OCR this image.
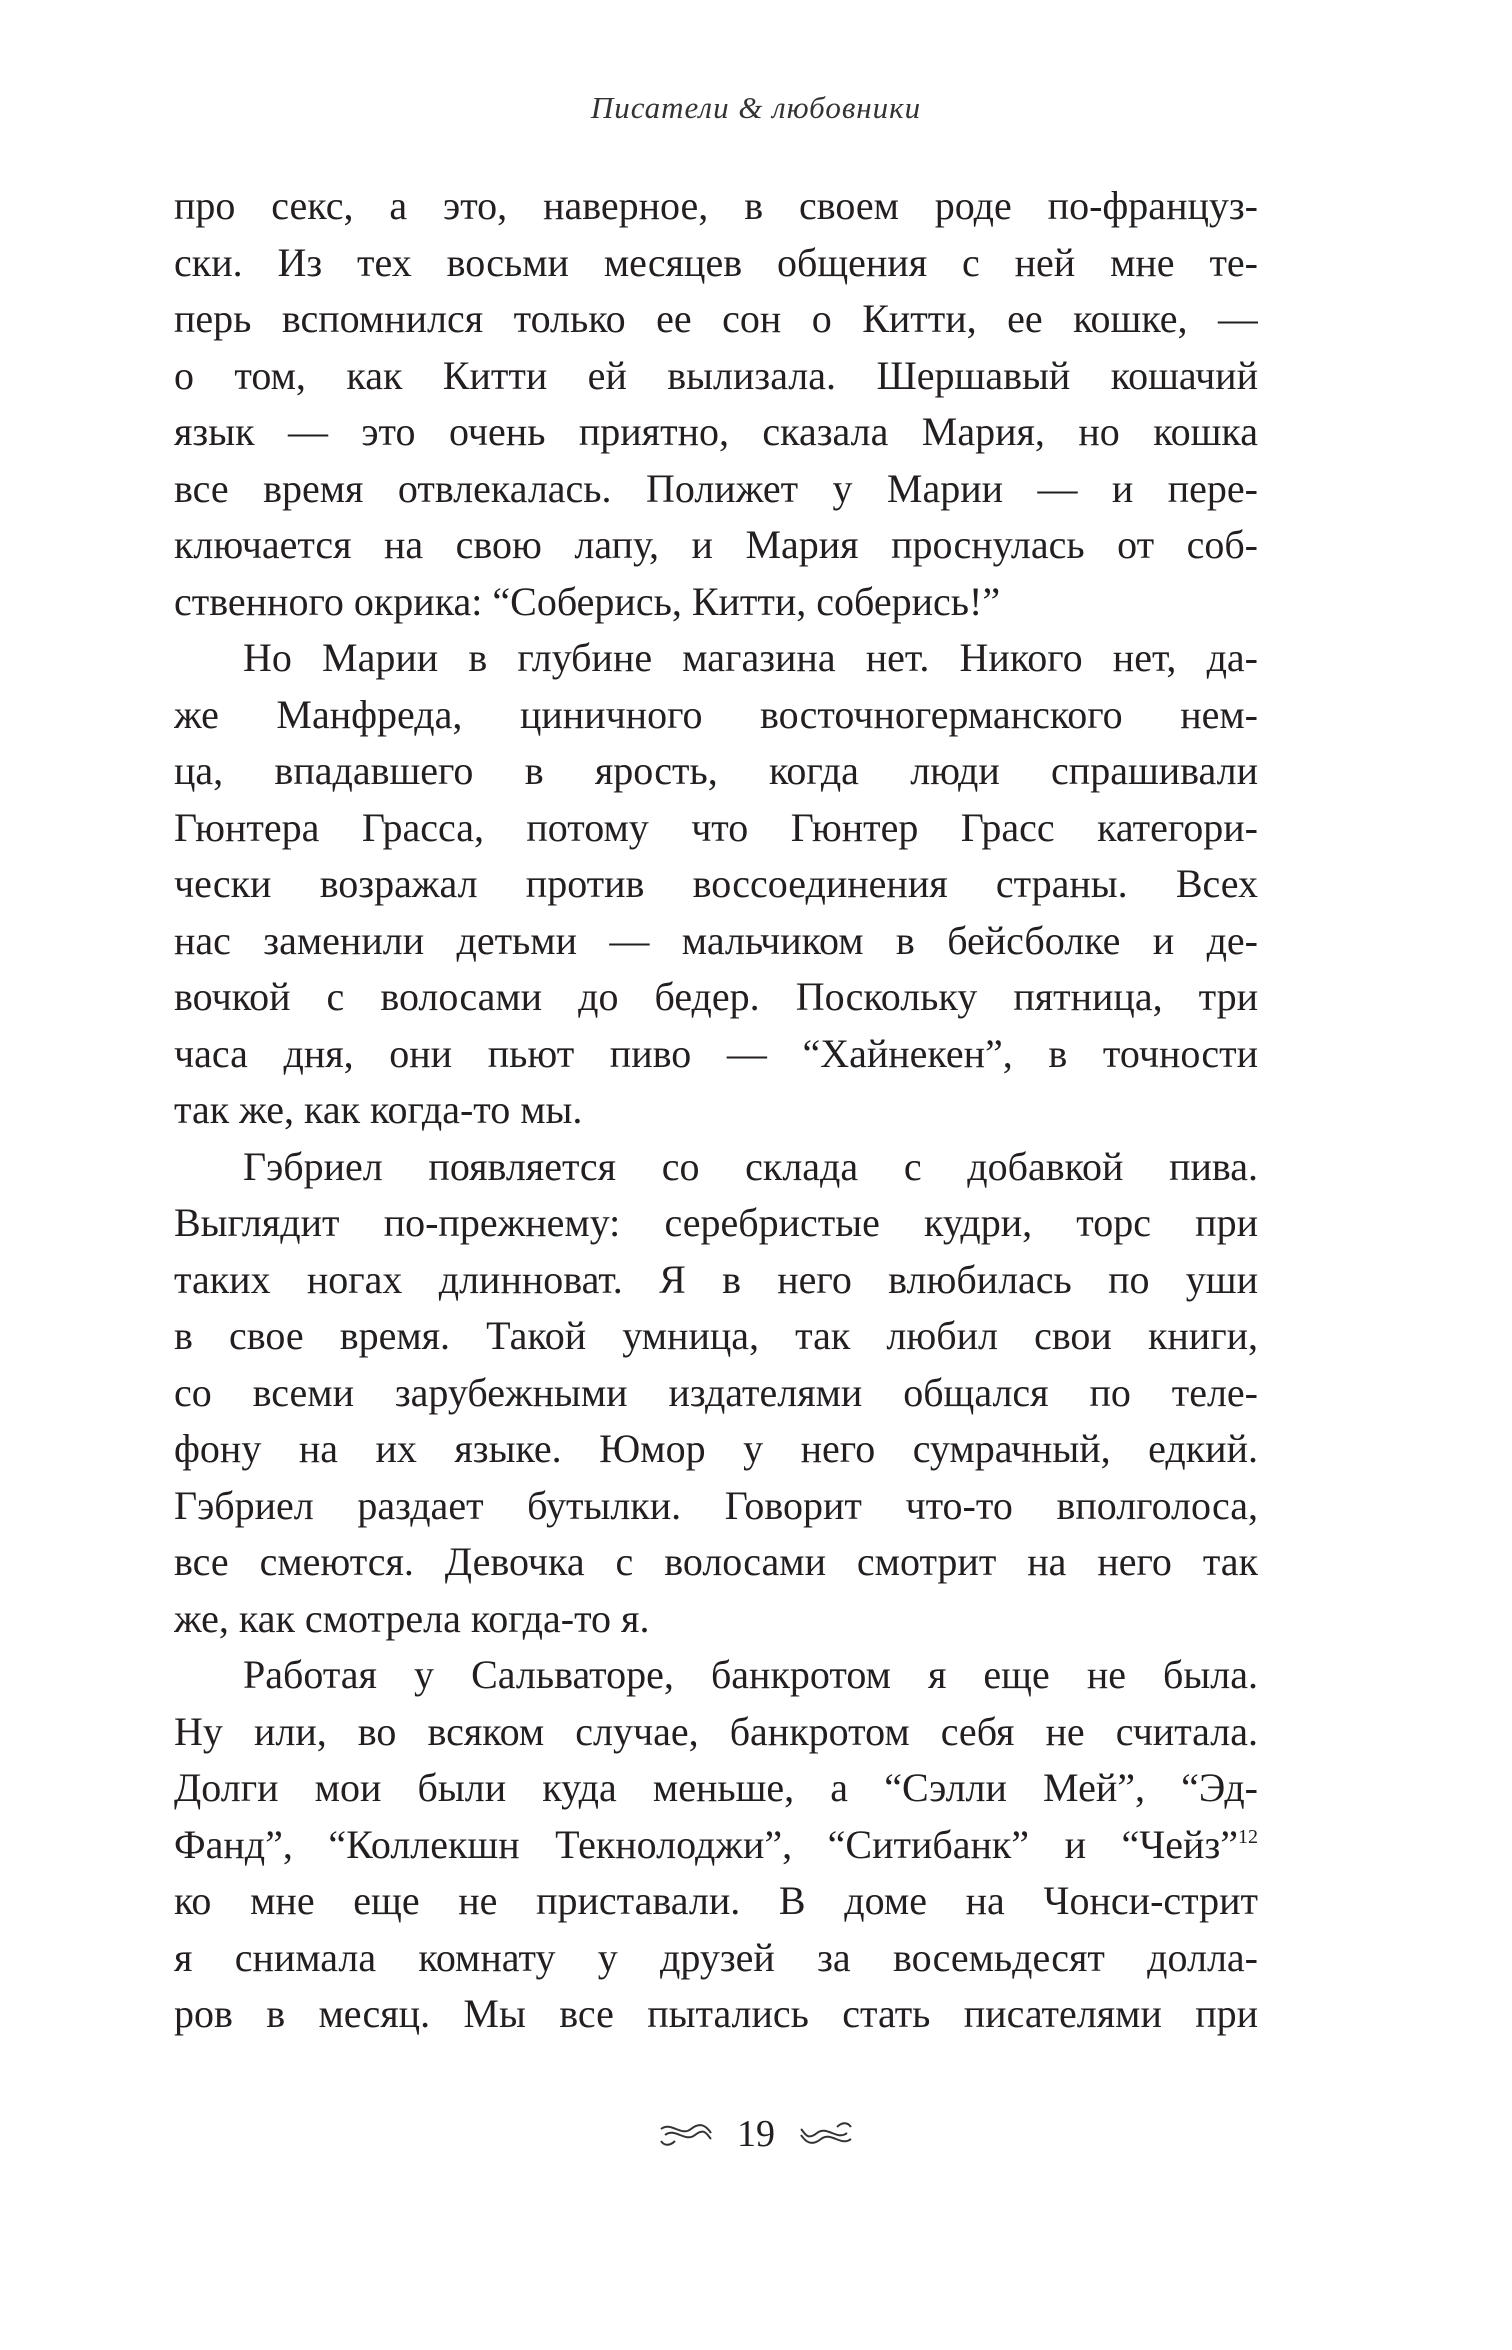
Писатели & любовники
про секс, а это, наверное, в своем роде по-француз-
ски. Из тех восьми месяцев общения с ней мне те-
перь вспомнился только ее сон о Китти, ее кошке, —
о том, как Китти ей вылизала. Шершавый кошачий
язык — это очень приятно, сказала Мария, но кошка
все время отвлекалась. Полижет у Марии — и пере-
ключается на свою лапу, и Мария проснулась от соб-
ственного окрика: “Соберись, Китти, соберись!”
Но Марии в глубине магазина нет. Никого нет, да-
же Манфреда, циничного восточногерманского нем-
ца, впадавшего в ярость, когда люди спрашивали
Гюнтера Грасса, потому что Гюнтер Грасс категори-
чески возражал против воссоединения страны. Всех
нас заменили детьми — мальчиком в бейсболке и де-
вочкой с волосами до бедер. Поскольку пятница, три
часа дня, они пьют пиво — “Хайнекен”, в точности
так же, как когда-то мы.
Гэбриел появляется со склада с добавкой пива.
Выглядит по-прежнему: серебристые кудри, торс при
таких ногах длинноват. Я в него влюбилась по уши
в свое время. Такой умница, так любил свои книги,
со всеми зарубежными издателями общался по теле-
фону на их языке. Юмор у него сумрачный, едкий.
Гэбриел раздает бутылки. Говорит что-то вполголоса,
все смеются. Девочка с волосами смотрит на него так
же, как смотрела когда-то я.
Работая у Сальваторе, банкротом я еще не была.
Ну или, во всяком случае, банкротом себя не считала.
Долги мои были куда меньше, а “Сэлли Мей”, “Эд-
Фанд”, “Коллекшн Текнолоджи”, “Ситибанк” и “Чейз”$^{12}$
ко мне еще не приставали. В доме на Чонси-стрит
я снимала комнату у друзей за восемьдесят долла-
ров в месяц. Мы все пытались стать писателями при
19
